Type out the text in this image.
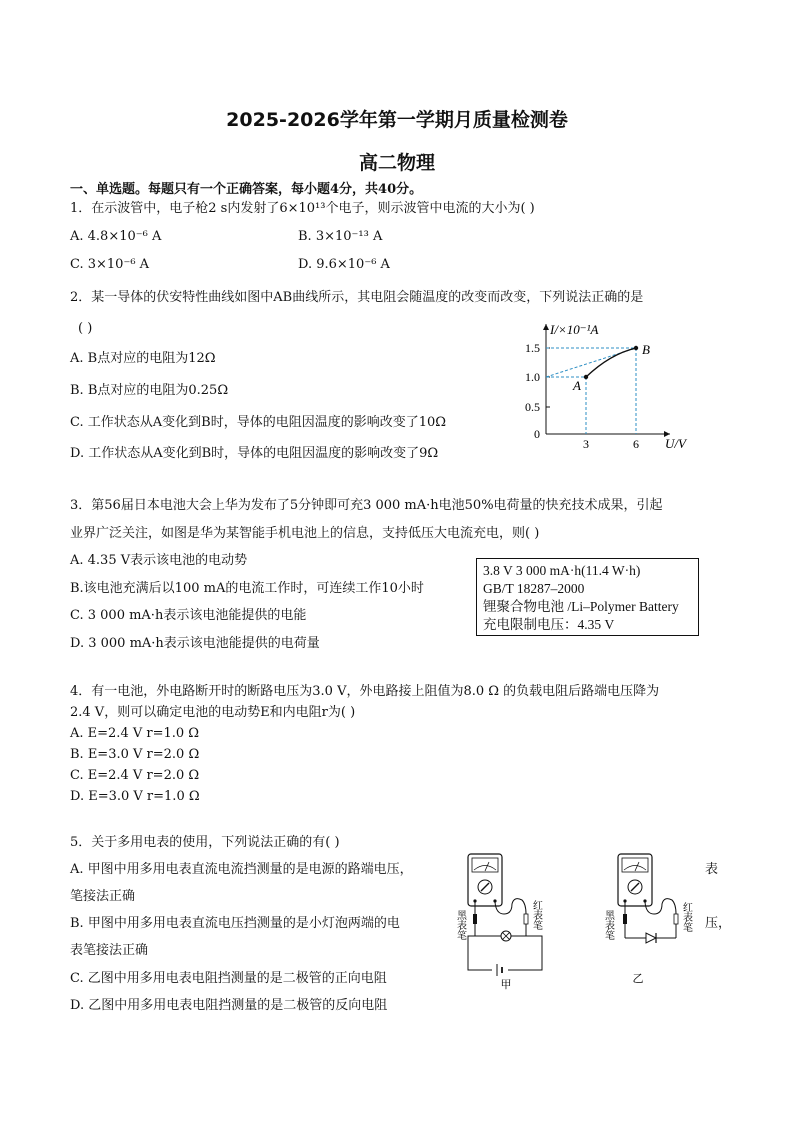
2025-2026学年第一学期月质量检测卷
高二物理
一、单选题。每题只有一个正确答案，每小题4分，共40分。
1．在示波管中，电子枪2 s内发射了6×10¹³个电子，则示波管中电流的大小为( )
A. 4.8×10⁻⁶ A	B. 3×10⁻¹³ A
C. 3×10⁻⁶ A	D. 9.6×10⁻⁶ A
2．某一导体的伏安特性曲线如图中AB曲线所示，其电阻会随温度的改变而改变，下列说法正确的是
( )
A. B点对应的电阻为12Ω
B. B点对应的电阻为0.25Ω
C. 工作状态从A变化到B时，导体的电阻因温度的影响改变了10Ω
D. 工作状态从A变化到B时，导体的电阻因温度的影响改变了9Ω
I/×10⁻¹A
U/V
1.5
1.0
0.5
0
3	6
A
B
3．第56届日本电池大会上华为发布了5分钟即可充3 000 mA·h电池50%电荷量的快充技术成果，引起
业界广泛关注，如图是华为某智能手机电池上的信息，支持低压大电流充电，则( )
A. 4.35 V表示该电池的电动势
B.该电池充满后以100 mA的电流工作时，可连续工作10小时
C. 3 000 mA·h表示该电池能提供的电能
D. 3 000 mA·h表示该电池能提供的电荷量
3.8 V 3 000 mA·h(11.4 W·h)
GB/T 18287–2000
锂聚合物电池 /Li–Polymer Battery
充电限制电压：4.35 V
4．有一电池，外电路断开时的断路电压为3.0 V，外电路接上阻值为8.0 Ω 的负载电阻后路端电压降为
2.4 V，则可以确定电池的电动势E和内电阻r为( )
A. E=2.4 V r=1.0 Ω
B. E=3.0 V r=2.0 Ω
C. E=2.4 V r=2.0 Ω
D. E=3.0 V r=1.0 Ω
5．关于多用电表的使用，下列说法正确的有( )
A. 甲图中用多用电表直流电流挡测量的是电源的路端电压，	表
笔接法正确
B. 甲图中用多用电表直流电压挡测量的是小灯泡两端的电	压，
表笔接法正确
C. 乙图中用多用电表电阻挡测量的是二极管的正向电阻
D. 乙图中用多用电表电阻挡测量的是二极管的反向电阻
黑表笔	红表笔
甲
黑表笔	红表笔
乙
